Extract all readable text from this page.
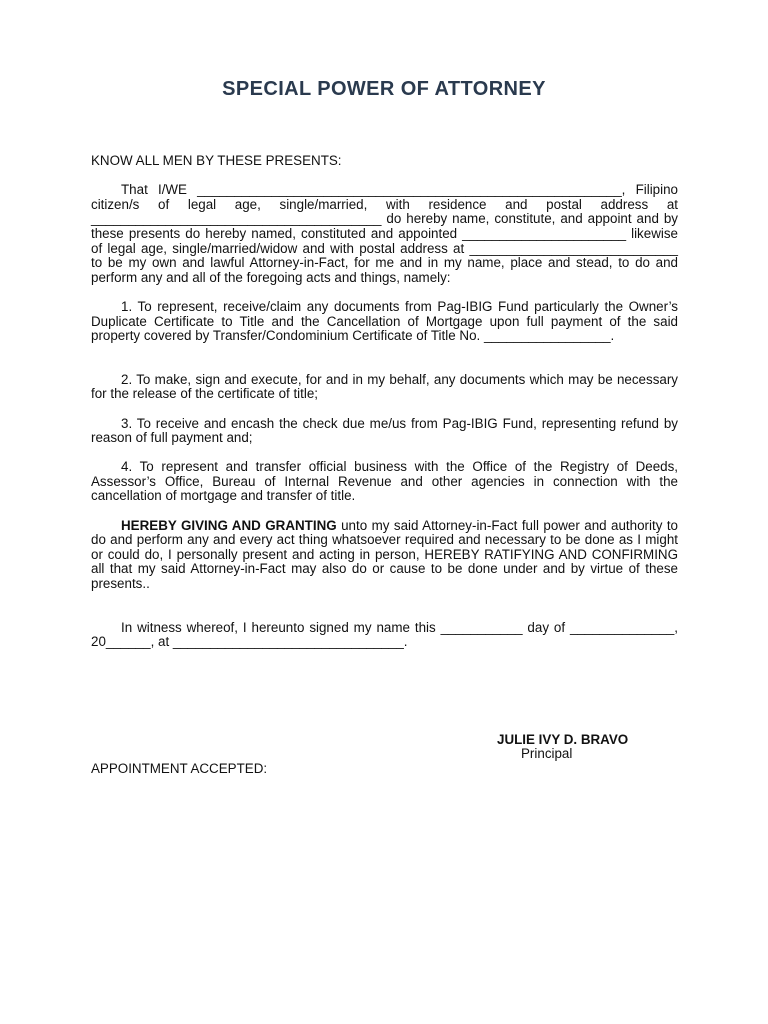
SPECIAL POWER OF ATTORNEY

KNOW ALL MEN BY THESE PRESENTS:

That I/WE _________________________________________________________, Filipino citizen/s of legal age, single/married, with residence and postal address at _______________________________________ do hereby name, constitute, and appoint and by these presents do hereby named, constituted and appointed ______________________ likewise of legal age, single/married/widow and with postal address at ____________________________ to be my own and lawful Attorney-in-Fact, for me and in my name, place and stead, to do and perform any and all of the foregoing acts and things, namely:

1. To represent, receive/claim any documents from Pag-IBIG Fund particularly the Owner’s Duplicate Certificate to Title and the Cancellation of Mortgage upon full payment of the said property covered by Transfer/Condominium Certificate of Title No. _________________.

2. To make, sign and execute, for and in my behalf, any documents which may be necessary for the release of the certificate of title;

3. To receive and encash the check due me/us from Pag-IBIG Fund, representing refund by reason of full payment and;

4. To represent and transfer official business with the Office of the Registry of Deeds, Assessor’s Office, Bureau of Internal Revenue and other agencies in connection with the cancellation of mortgage and transfer of title.

HEREBY GIVING AND GRANTING unto my said Attorney-in-Fact full power and authority to do and perform any and every act thing whatsoever required and necessary to be done as I might or could do, I personally present and acting in person, HEREBY RATIFYING AND CONFIRMING all that my said Attorney-in-Fact may also do or cause to be done under and by virtue of these presents..

In witness whereof, I hereunto signed my name this ___________ day of ______________, 20______, at _______________________________.

JULIE IVY D. BRAVO
Principal
APPOINTMENT ACCEPTED:
